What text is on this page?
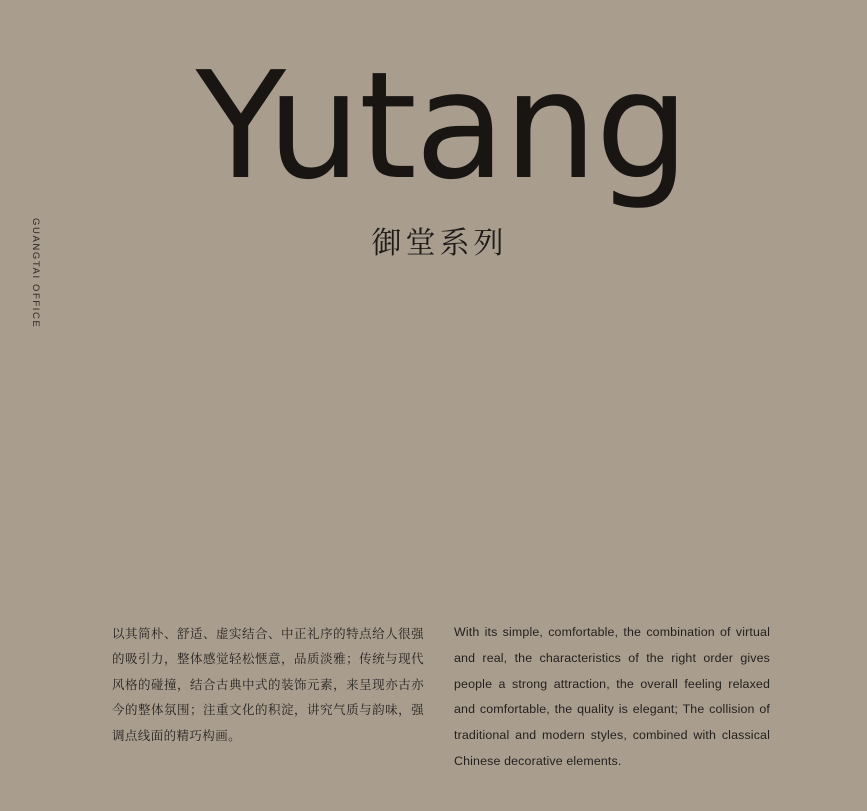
GUANGTAI OFFICE
Yutang
御堂系列

以其简朴、舒适、虚实结合、中正礼序的特点给人很强的吸引力，整体感觉轻松惬意，品质淡雅；传统与现代风格的碰撞，结合古典中式的装饰元素，来呈现亦古亦今的整体氛围；注重文化的积淀，讲究气质与韵味，强调点线面的精巧构画。

With its simple, comfortable, the combination of virtual and real, the characteristics of the right order gives people a strong attraction, the overall feeling relaxed and comfortable, the quality is elegant; The collision of traditional and modern styles, combined with classical Chinese decorative elements.
